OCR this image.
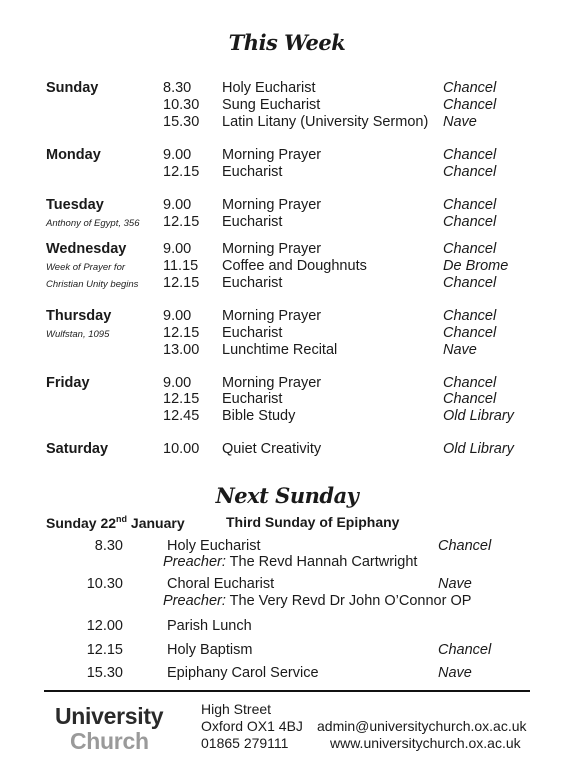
This Week
Sunday	8.30 Holy Eucharist	Chancel
10.30 Sung Eucharist	Chancel
15.30 Latin Litany (University Sermon) Nave
Monday	9.00 Morning Prayer	Chancel
12.15 Eucharist	Chancel
Tuesday
Anthony of Egypt, 356
9.00 Morning Prayer	Chancel
12.15 Eucharist	Chancel
Wednesday
Week of Prayer for
Christian Unity begins
9.00 Morning Prayer	Chancel
11.15 Coffee and Doughnuts	De Brome
12.15 Eucharist	Chancel
Thursday
Wulfstan, 1095
9.00 Morning Prayer	Chancel
12.15 Eucharist	Chancel
13.00 Lunchtime Recital	Nave
Friday	9.00 Morning Prayer	Chancel
12.15 Eucharist	Chancel
12.45 Bible Study	Old Library
Saturday	10.00 Quiet Creativity	Old Library
Next Sunday
Sunday 22nd January	Third Sunday of Epiphany
8.30	Holy Eucharist	Chancel
Preacher: The Revd Hannah Cartwright
10.30	Choral Eucharist	Nave
Preacher: The Very Revd Dr John O’Connor OP
12.00	Parish Lunch
12.15	Holy Baptism	Chancel
15.30	Epiphany Carol Service	Nave
University
Church
High Street
Oxford OX1 4BJ
01865 279111
admin@universitychurch.ox.ac.uk
www.universitychurch.ox.ac.uk
